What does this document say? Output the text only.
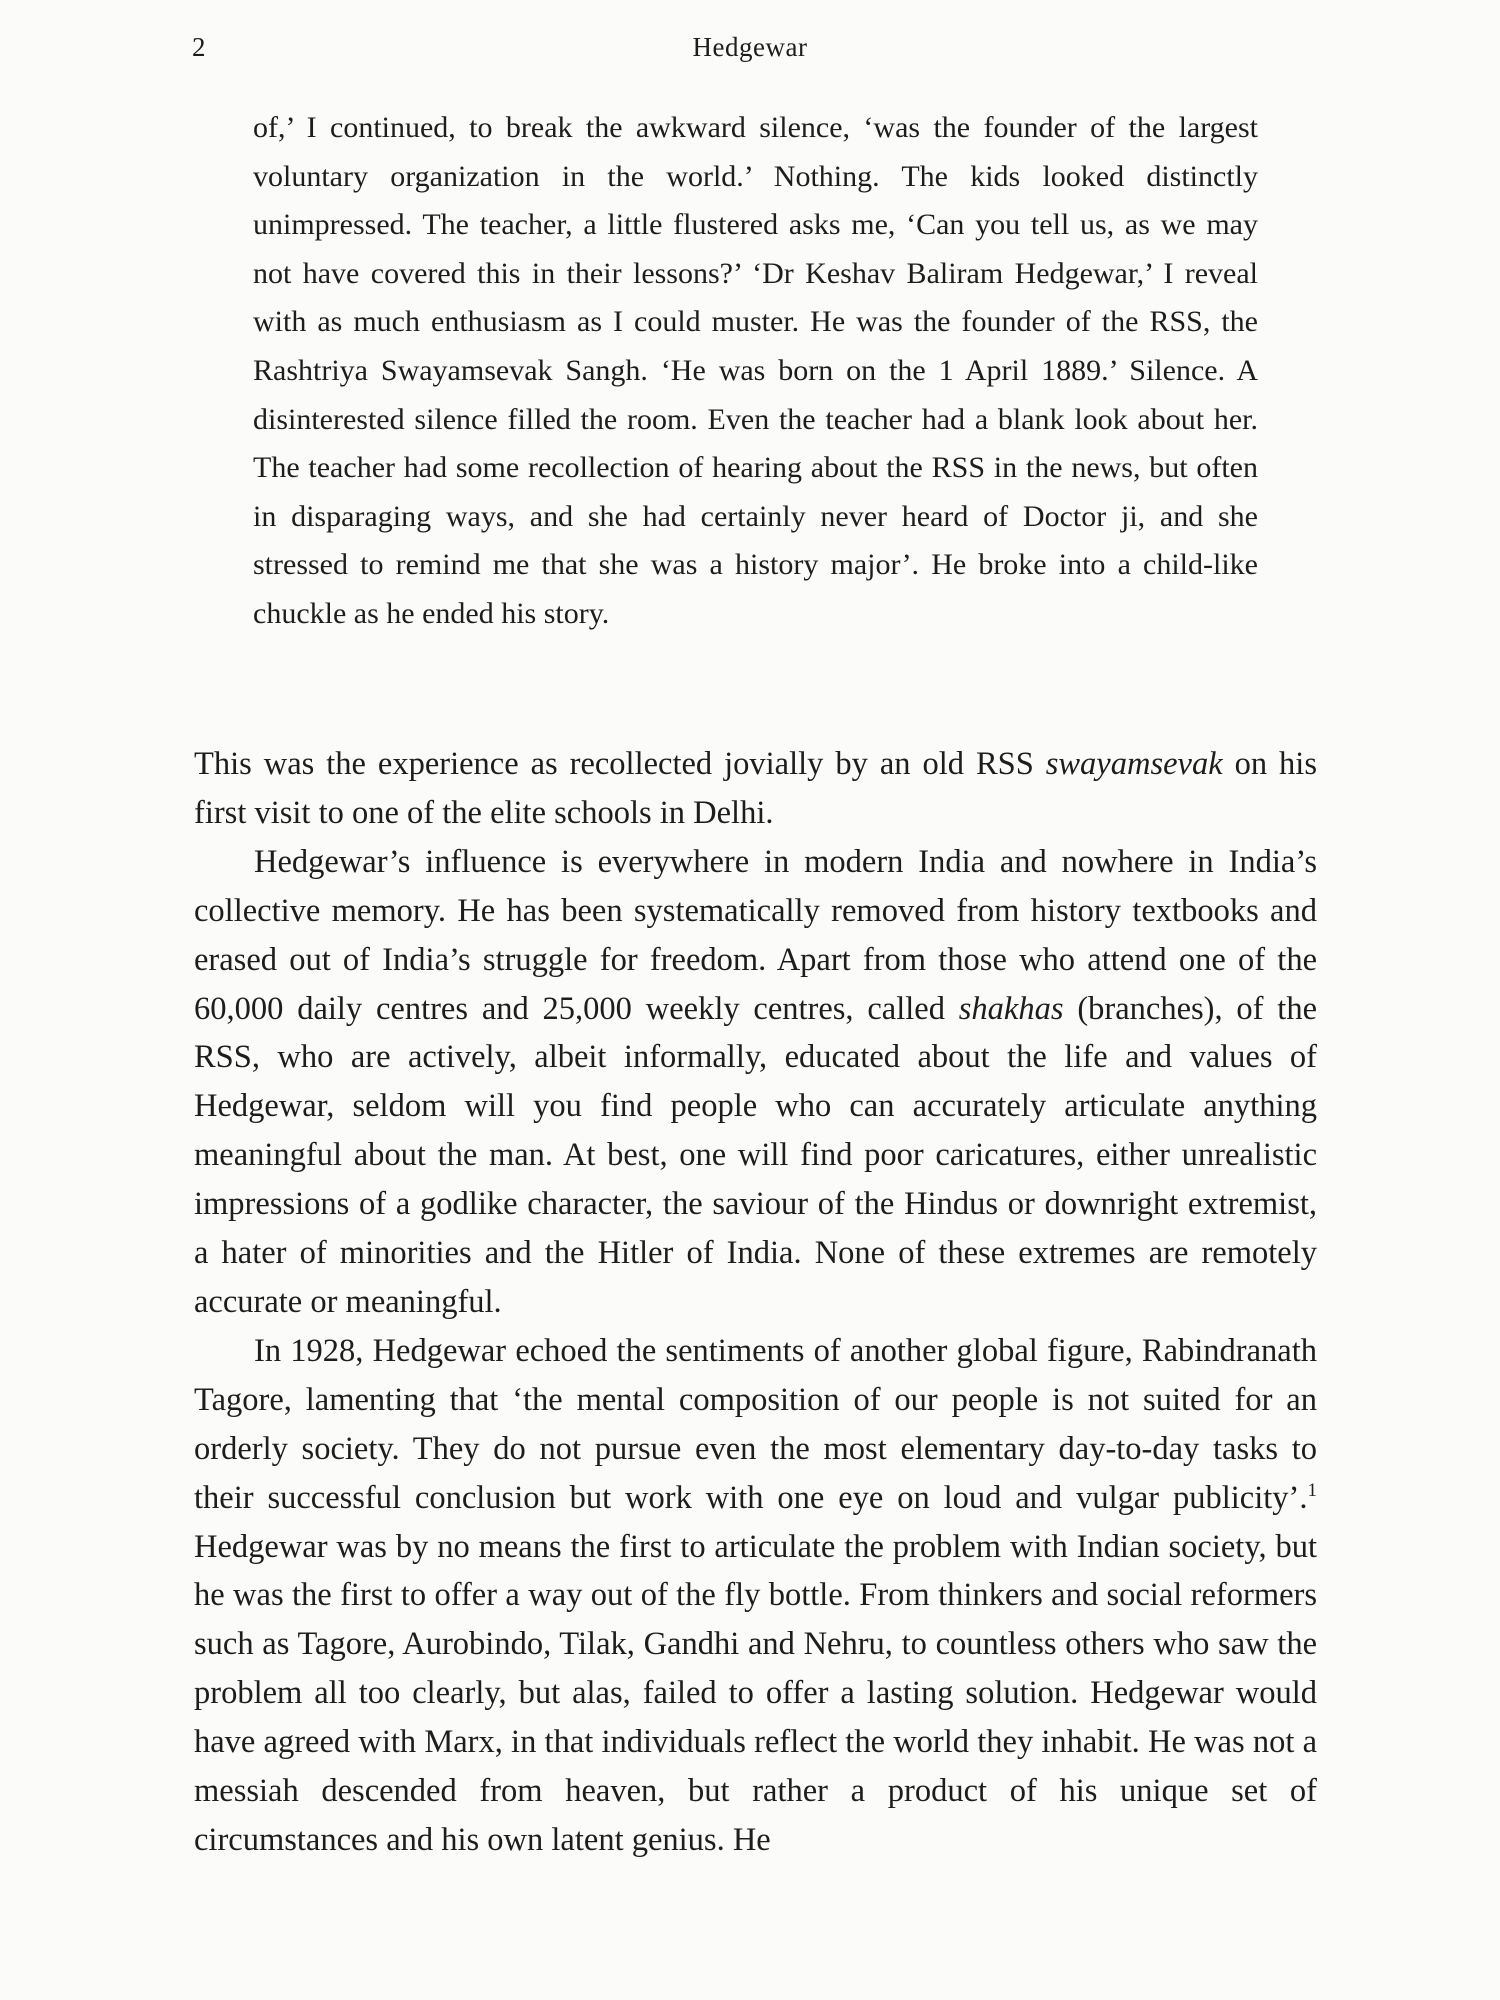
2	Hedgewar

of,’ I continued, to break the awkward silence, ‘was the founder of the largest voluntary organization in the world.’ Nothing. The kids looked distinctly unimpressed. The teacher, a little flustered asks me, ‘Can you tell us, as we may not have covered this in their lessons?’ ‘Dr Keshav Baliram Hedgewar,’ I reveal with as much enthusiasm as I could muster. He was the founder of the RSS, the Rashtriya Swayamsevak Sangh. ‘He was born on the 1 April 1889.’ Silence. A disinterested silence filled the room. Even the teacher had a blank look about her. The teacher had some recollection of hearing about the RSS in the news, but often in disparaging ways, and she had certainly never heard of Doctor ji, and she stressed to remind me that she was a history major’. He broke into a child-like chuckle as he ended his story.

This was the experience as recollected jovially by an old RSS swayamsevak on his first visit to one of the elite schools in Delhi.

Hedgewar’s influence is everywhere in modern India and nowhere in India’s collective memory. He has been systematically removed from history textbooks and erased out of India’s struggle for freedom. Apart from those who attend one of the 60,000 daily centres and 25,000 weekly centres, called shakhas (branches), of the RSS, who are actively, albeit informally, educated about the life and values of Hedgewar, seldom will you find people who can accurately articulate anything meaningful about the man. At best, one will find poor caricatures, either unrealistic impressions of a godlike character, the saviour of the Hindus or downright extremist, a hater of minorities and the Hitler of India. None of these extremes are remotely accurate or meaningful.

In 1928, Hedgewar echoed the sentiments of another global figure, Rabindranath Tagore, lamenting that ‘the mental composition of our people is not suited for an orderly society. They do not pursue even the most elementary day-to-day tasks to their successful conclusion but work with one eye on loud and vulgar publicity’.$^1$ Hedgewar was by no means the first to articulate the problem with Indian society, but he was the first to offer a way out of the fly bottle. From thinkers and social reformers such as Tagore, Aurobindo, Tilak, Gandhi and Nehru, to countless others who saw the problem all too clearly, but alas, failed to offer a lasting solution. Hedgewar would have agreed with Marx, in that individuals reflect the world they inhabit. He was not a messiah descended from heaven, but rather a product of his unique set of circumstances and his own latent genius. He
